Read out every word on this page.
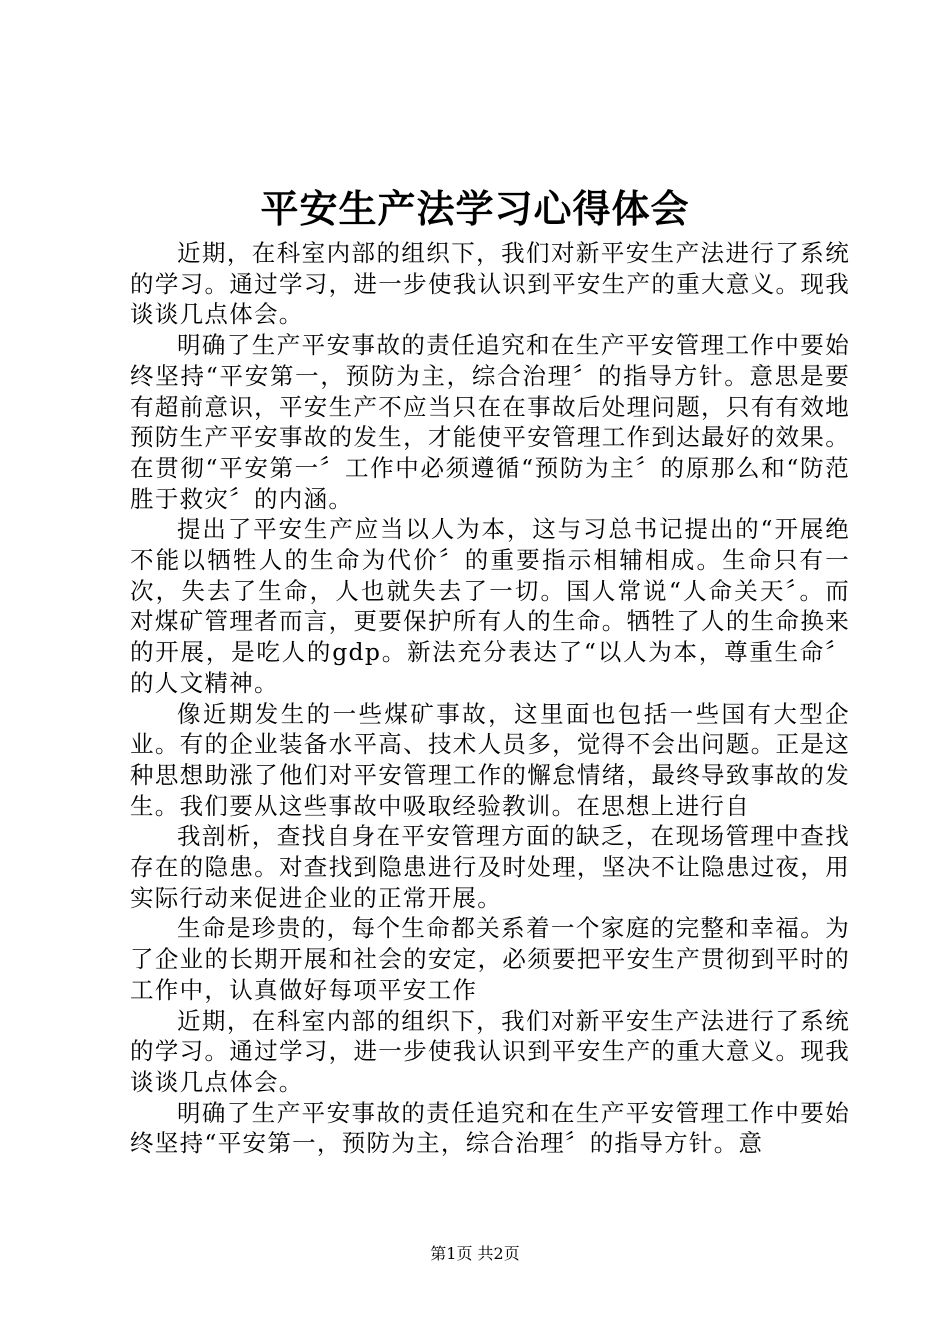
平安生产法学习心得体会

近期，在科室内部的组织下，我们对新平安生产法进行了系统的学习。通过学习，进一步使我认识到平安生产的重大意义。现我谈谈几点体会。

明确了生产平安事故的责任追究和在生产平安管理工作中要始终坚持“平安第一，预防为主，综合治理〞的指导方针。意思是要有超前意识，平安生产不应当只在在事故后处理问题，只有有效地预防生产平安事故的发生，才能使平安管理工作到达最好的效果。在贯彻“平安第一〞工作中必须遵循“预防为主〞的原那么和“防范胜于救灾〞的内涵。

提出了平安生产应当以人为本，这与习总书记提出的“开展绝不能以牺牲人的生命为代价〞的重要指示相辅相成。生命只有一次，失去了生命，人也就失去了一切。国人常说“人命关天〞。而对煤矿管理者而言，更要保护所有人的生命。牺牲了人的生命换来的开展，是吃人的gdp。新法充分表达了“以人为本，尊重生命〞的人文精神。

像近期发生的一些煤矿事故，这里面也包括一些国有大型企业。有的企业装备水平高、技术人员多，觉得不会出问题。正是这种思想助涨了他们对平安管理工作的懈怠情绪，最终导致事故的发生。我们要从这些事故中吸取经验教训。在思想上进行自

我剖析，查找自身在平安管理方面的缺乏，在现场管理中查找存在的隐患。对查找到隐患进行及时处理，坚决不让隐患过夜，用实际行动来促进企业的正常开展。

生命是珍贵的，每个生命都关系着一个家庭的完整和幸福。为了企业的长期开展和社会的安定，必须要把平安生产贯彻到平时的工作中，认真做好每项平安工作

近期，在科室内部的组织下，我们对新平安生产法进行了系统的学习。通过学习，进一步使我认识到平安生产的重大意义。现我谈谈几点体会。

明确了生产平安事故的责任追究和在生产平安管理工作中要始终坚持“平安第一，预防为主，综合治理〞的指导方针。意

第1页 共2页
